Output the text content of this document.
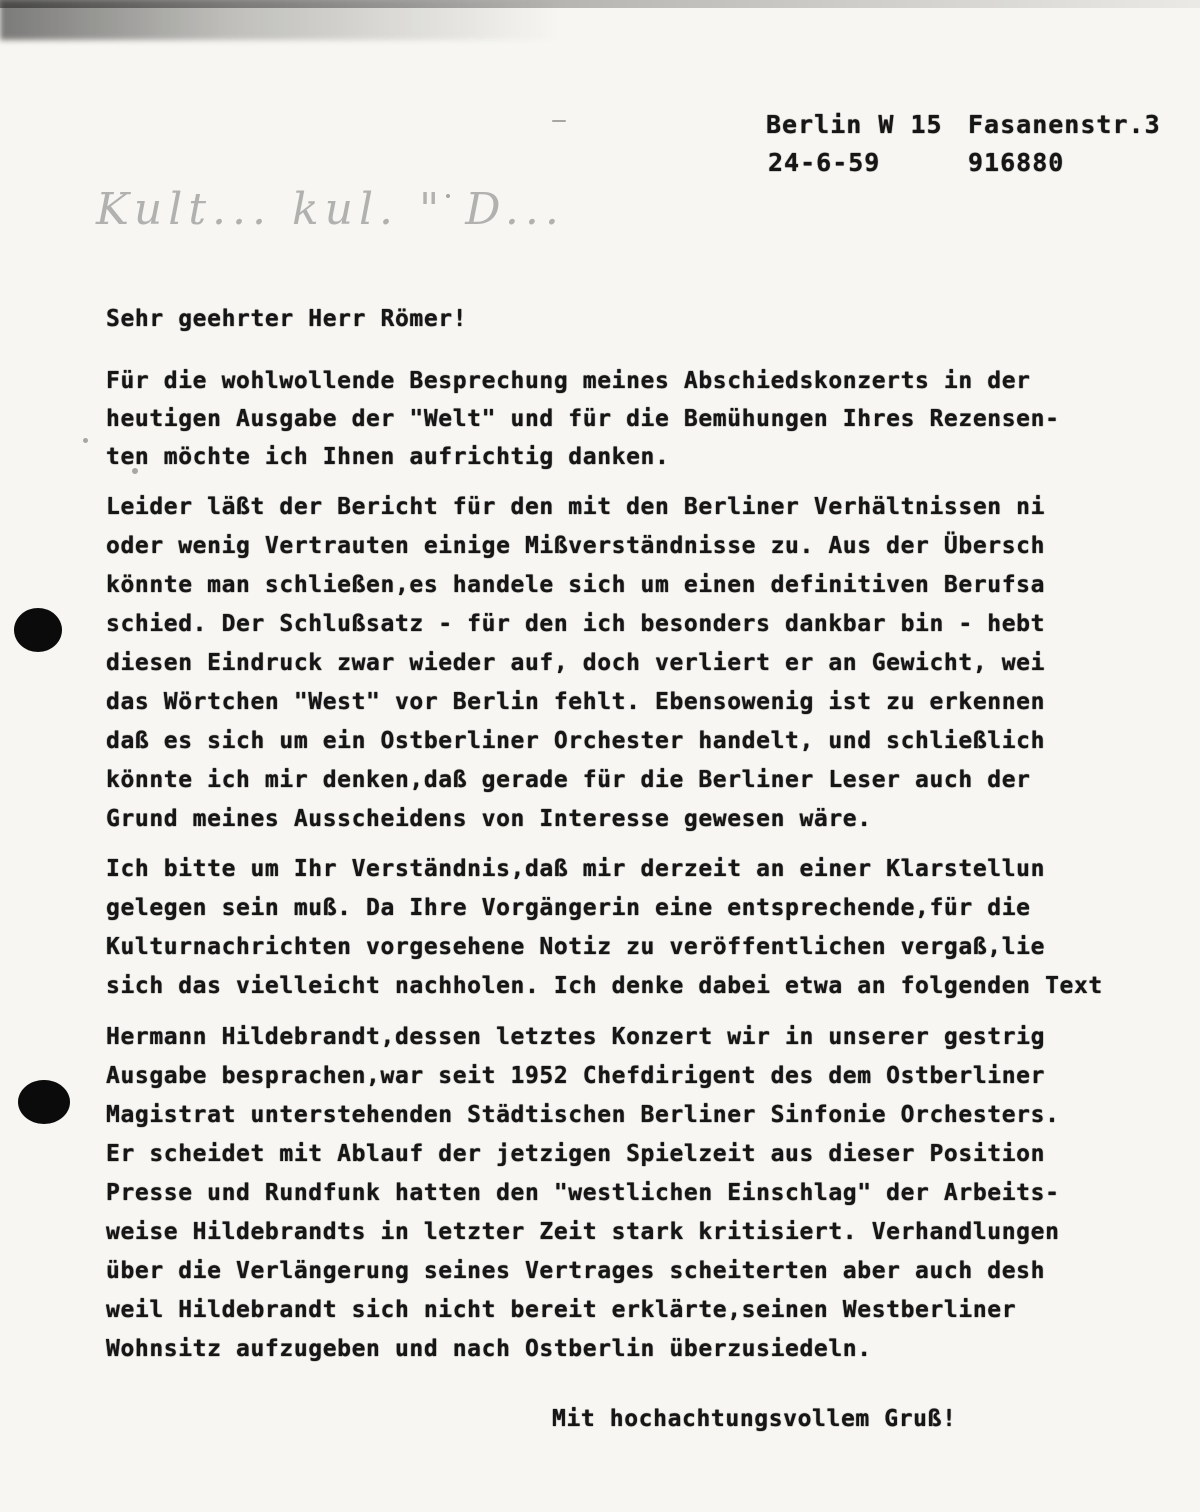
Berlin W 15 Fasanenstr.3
24-6-59	916880
Kult... kul. " D...
Sehr geehrter Herr Römer!
Für die wohlwollende Besprechung meines Abschiedskonzerts in der
heutigen Ausgabe der "Welt" und für die Bemühungen Ihres Rezensen-
ten möchte ich Ihnen aufrichtig danken.
Leider läßt der Bericht für den mit den Berliner Verhältnissen ni
oder wenig Vertrauten einige Mißverständnisse zu. Aus der Übersch
könnte man schließen,es handele sich um einen definitiven Berufsa
schied. Der Schlußsatz - für den ich besonders dankbar bin - hebt
diesen Eindruck zwar wieder auf, doch verliert er an Gewicht, wei
das Wörtchen "West" vor Berlin fehlt. Ebensowenig ist zu erkennen
daß es sich um ein Ostberliner Orchester handelt, und schließlich
könnte ich mir denken,daß gerade für die Berliner Leser auch der
Grund meines Ausscheidens von Interesse gewesen wäre.
Ich bitte um Ihr Verständnis,daß mir derzeit an einer Klarstellun
gelegen sein muß. Da Ihre Vorgängerin eine entsprechende,für die
Kulturnachrichten vorgesehene Notiz zu veröffentlichen vergaß,lie
sich das vielleicht nachholen. Ich denke dabei etwa an folgenden Text
Hermann Hildebrandt,dessen letztes Konzert wir in unserer gestrig
Ausgabe besprachen,war seit 1952 Chefdirigent des dem Ostberliner
Magistrat unterstehenden Städtischen Berliner Sinfonie Orchesters.
Er scheidet mit Ablauf der jetzigen Spielzeit aus dieser Position
Presse und Rundfunk hatten den "westlichen Einschlag" der Arbeits-
weise Hildebrandts in letzter Zeit stark kritisiert. Verhandlungen
über die Verlängerung seines Vertrages scheiterten aber auch desh
weil Hildebrandt sich nicht bereit erklärte,seinen Westberliner
Wohnsitz aufzugeben und nach Ostberlin überzusiedeln.
Mit hochachtungsvollem Gruß!
